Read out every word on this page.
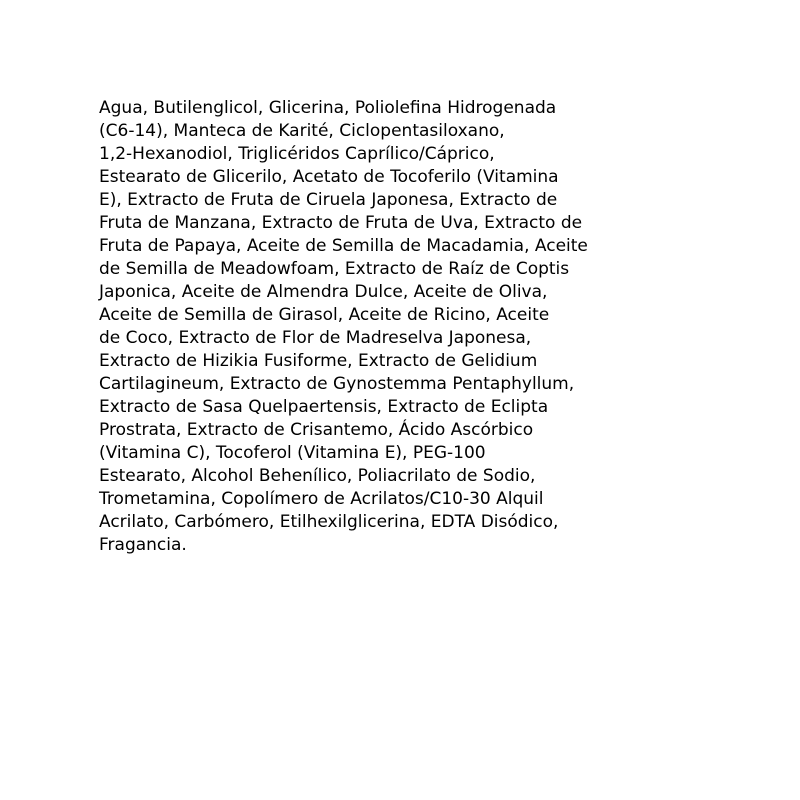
Agua, Butilenglicol, Glicerina, Poliolefina Hidrogenada
(C6-14), Manteca de Karité, Ciclopentasiloxano,
1,2-Hexanodiol, Triglicéridos Caprílico/Cáprico,
Estearato de Glicerilo, Acetato de Tocoferilo (Vitamina
E), Extracto de Fruta de Ciruela Japonesa, Extracto de
Fruta de Manzana, Extracto de Fruta de Uva, Extracto de
Fruta de Papaya, Aceite de Semilla de Macadamia, Aceite
de Semilla de Meadowfoam, Extracto de Raíz de Coptis
Japonica, Aceite de Almendra Dulce, Aceite de Oliva,
Aceite de Semilla de Girasol, Aceite de Ricino, Aceite
de Coco, Extracto de Flor de Madreselva Japonesa,
Extracto de Hizikia Fusiforme, Extracto de Gelidium
Cartilagineum, Extracto de Gynostemma Pentaphyllum,
Extracto de Sasa Quelpaertensis, Extracto de Eclipta
Prostrata, Extracto de Crisantemo, Ácido Ascórbico
(Vitamina C), Tocoferol (Vitamina E), PEG-100
Estearato, Alcohol Behenílico, Poliacrilato de Sodio,
Trometamina, Copolímero de Acrilatos/C10-30 Alquil
Acrilato, Carbómero, Etilhexilglicerina, EDTA Disódico,
Fragancia.
